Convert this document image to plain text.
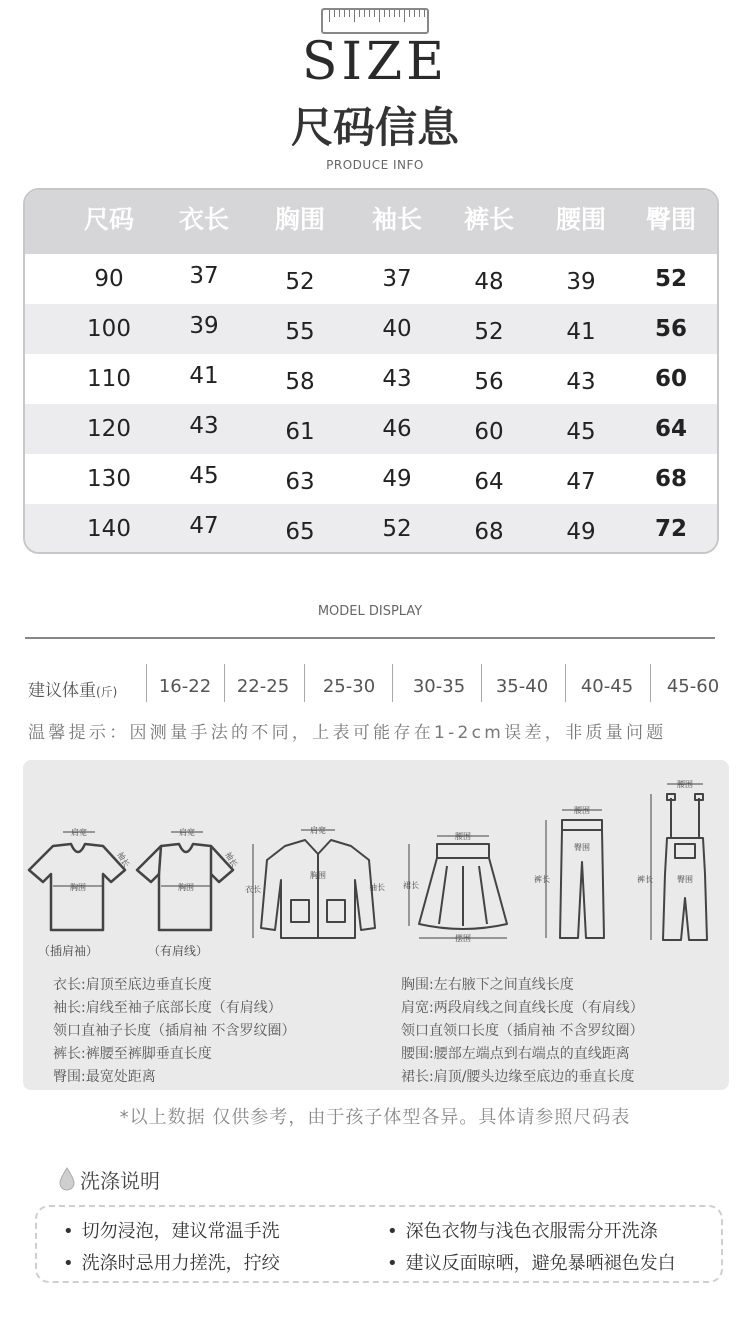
SIZE
尺码信息
PRODUCE INFO
尺码	衣长	胸围	袖长	裤长	腰围	臀围
90	37	52	37	48	39	52
100	39	55	40	52	41	56
110	41	58	43	56	43	60
120	43	61	46	60	45	64
130	45	63	49	64	47	68
140	47	65	52	68	49	72
MODEL DISPLAY
建议体重(斤)	16-22	22-25	25-30	30-35	35-40	40-45	45-60
温馨提示：因测量手法的不同，上表可能存在1-2cm误差，非质量问题
肩宽
胸围
袖长
（插肩袖）
肩宽
胸围
袖长
（有肩线）
肩宽
胸围
衣长	袖长
腰围
摆围
裙长
腰围
臀围
裤长
腰围
臀围
裤长
衣长:肩顶至底边垂直长度
袖长:肩线至袖子底部长度（有肩线）
领口直袖子长度（插肩袖 不含罗纹圈）
裤长:裤腰至裤脚垂直长度
臀围:最宽处距离
胸围:左右腋下之间直线长度
肩宽:两段肩线之间直线长度（有肩线）
领口直领口长度（插肩袖 不含罗纹圈）
腰围:腰部左端点到右端点的直线距离
裙长:肩顶/腰头边缘至底边的垂直长度
*以上数据 仅供参考，由于孩子体型各异。具体请参照尺码表
洗涤说明
• 切勿浸泡，建议常温手洗	• 深色衣物与浅色衣服需分开洗涤
• 洗涤时忌用力搓洗，拧绞	• 建议反面晾晒，避免暴晒褪色发白
